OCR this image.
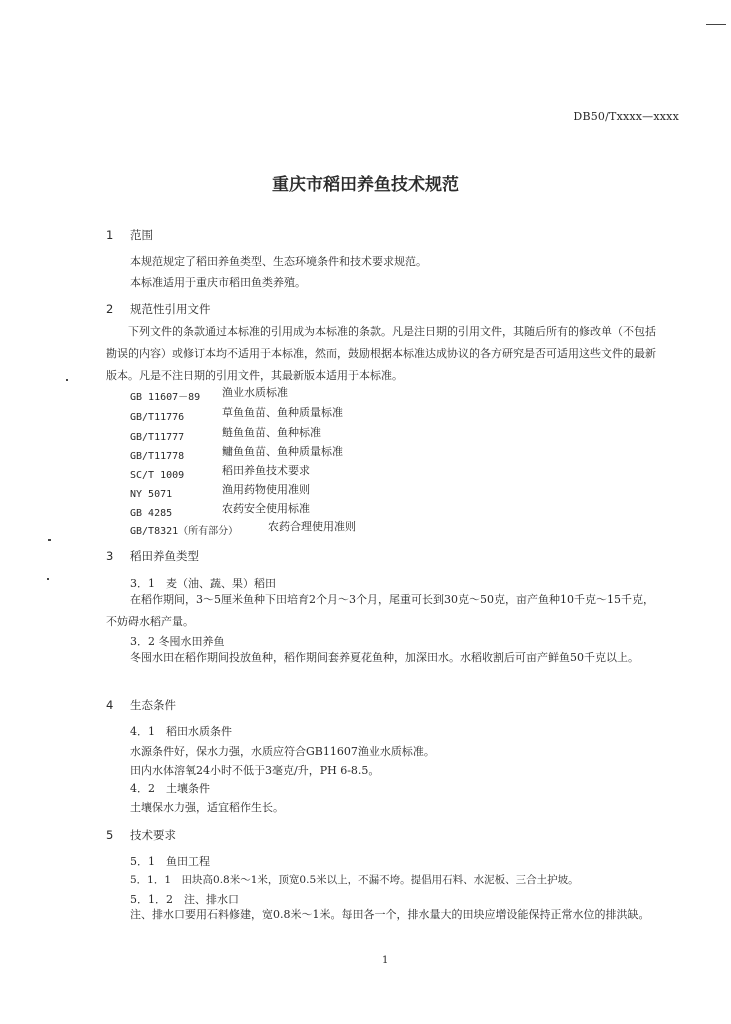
DB50/Txxxx—xxxx
重庆市稻田养鱼技术规范
1 范围
本规范规定了稻田养鱼类型、生态环境条件和技术要求规范。
本标准适用于重庆市稻田鱼类养殖。
2 规范性引用文件
下列文件的条款通过本标准的引用成为本标准的条款。凡是注日期的引用文件，其随后所有的修改单（不包括勘误的内容）或修订本均不适用于本标准，然而，鼓励根据本标准达成协议的各方研究是否可适用这些文件的最新版本。凡是不注日期的引用文件，其最新版本适用于本标准。
GB 11607－89 渔业水质标准
GB/T11776	草鱼鱼苗、鱼种质量标准
GB/T11777	鲢鱼鱼苗、鱼种标准
GB/T11778	鳙鱼鱼苗、鱼种质量标准
SC/T 1009	稻田养鱼技术要求
NY 5071	渔用药物使用准则
GB 4285	农药安全使用标准
GB/T8321（所有部分）	农药合理使用准则
3 稻田养鱼类型
3．1　麦（油、蔬、果）稻田
在稻作期间，3～5厘米鱼种下田培育2个月～3个月，尾重可长到30克～50克，亩产鱼种10千克～15千克，不妨碍水稻产量。
3．2 冬囤水田养鱼
冬囤水田在稻作期间投放鱼种，稻作期间套养夏花鱼种，加深田水。水稻收割后可亩产鲜鱼50千克以上。
4 生态条件
4．1　稻田水质条件
水源条件好，保水力强，水质应符合GB11607渔业水质标准。
田内水体溶氧24小时不低于3毫克/升，PH 6-8.5。
4．2　土壤条件
土壤保水力强，适宜稻作生长。
5 技术要求
5．1　鱼田工程
5．1．1　田块高0.8米～1米，顶宽0.5米以上，不漏不垮。提倡用石料、水泥板、三合土护坡。
5．1．2　注、排水口
注、排水口要用石料修建，宽0.8米～1米。每田各一个，排水量大的田块应增设能保持正常水位的排洪缺。
1
